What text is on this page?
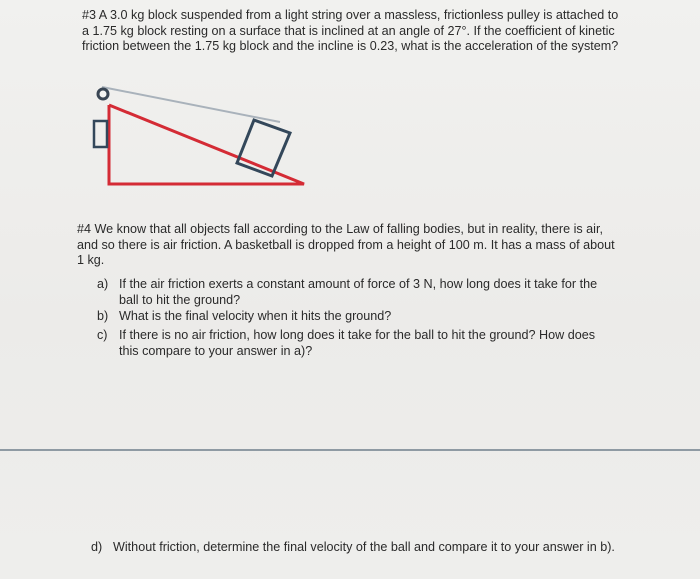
#3 A 3.0 kg block suspended from a light string over a massless, frictionless pulley is attached to a 1.75 kg block resting on a surface that is inclined at an angle of 27°. If the coefficient of kinetic friction between the 1.75 kg block and the incline is 0.23, what is the acceleration of the system?

#4 We know that all objects fall according to the Law of falling bodies, but in reality, there is air, and so there is air friction. A basketball is dropped from a height of 100 m. It has a mass of about 1 kg.

a) If the air friction exerts a constant amount of force of 3 N, how long does it take for the ball to hit the ground?
b) What is the final velocity when it hits the ground?
c) If there is no air friction, how long does it take for the ball to hit the ground? How does this compare to your answer in a)?
d) Without friction, determine the final velocity of the ball and compare it to your answer in b).
